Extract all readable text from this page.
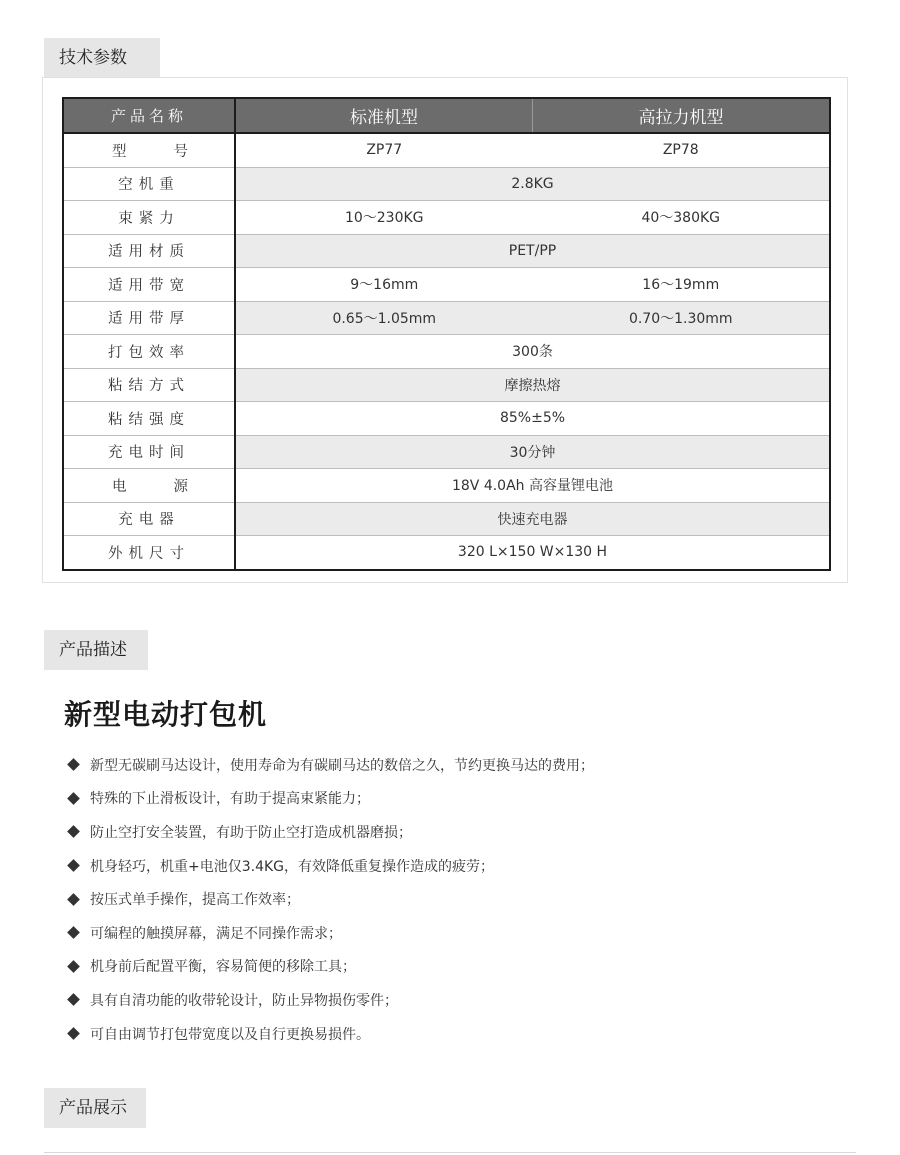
技术参数
产品名称	标准机型	高拉力机型

型 号	ZP77	ZP78
空机重	2.8KG	
束紧力	10～230KG	40～380KG
适用材质	PET/PP	
适用带宽	9～16mm	16～19mm
适用带厚	0.65～1.05mm	0.70～1.30mm
打包效率	300条	
粘结方式	摩擦热熔	
粘结强度	85%±5%	
充电时间	30分钟	

电 源	18V 4.0Ah 高容量锂电池	
充电器	快速充电器	
外机尺寸	320 L×150 W×130 H	
产品描述
新型电动打包机
新型无碳刷马达设计，使用寿命为有碳刷马达的数倍之久，节约更换马达的费用；
特殊的下止滑板设计，有助于提高束紧能力；
防止空打安全装置，有助于防止空打造成机器磨损；
机身轻巧，机重+电池仅3.4KG，有效降低重复操作造成的疲劳；
按压式单手操作，提高工作效率；
可编程的触摸屏幕，满足不同操作需求；
机身前后配置平衡，容易简便的移除工具；
具有自清功能的收带轮设计，防止异物损伤零件；
可自由调节打包带宽度以及自行更换易损件。
产品展示
